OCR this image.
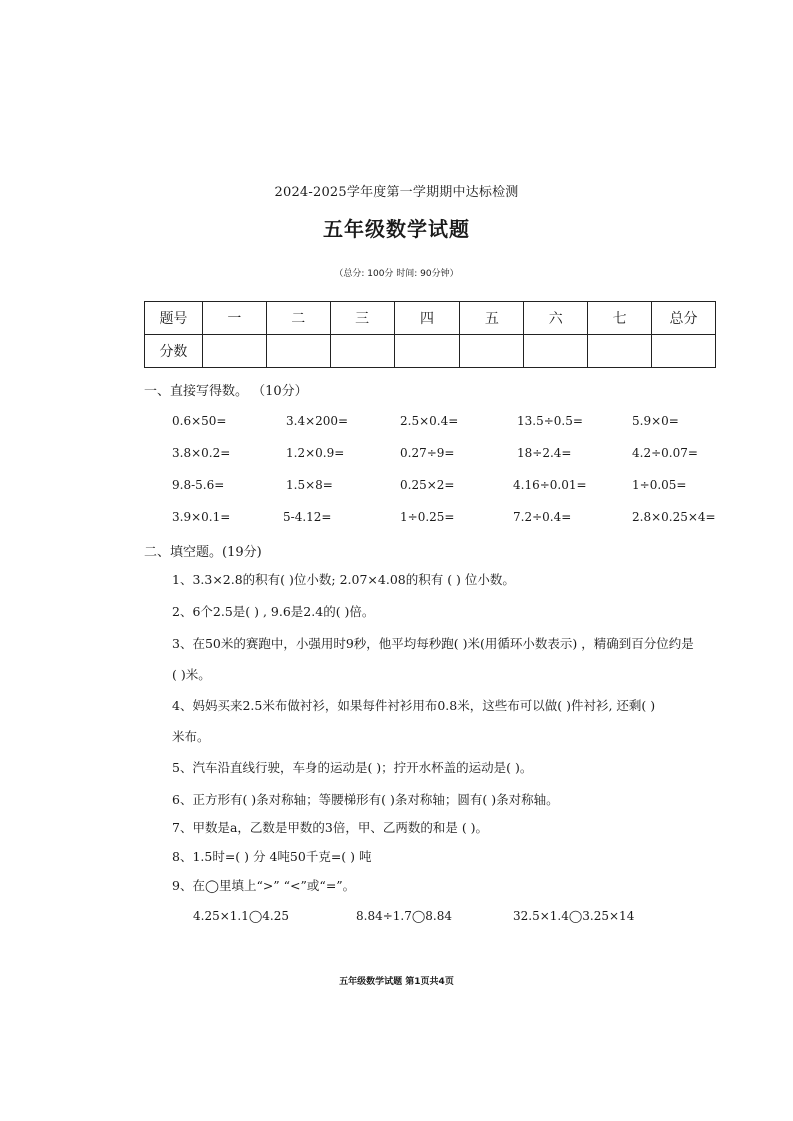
2024-2025学年度第一学期期中达标检测
五年级数学试题
（总分: 100分 时间: 90分钟）
题号	一	二	三	四	五	六	七	总分
分数								
一、直接写得数。 （10分）
0.6×50=	3.4×200=	2.5×0.4=	13.5÷0.5=	5.9×0=
3.8×0.2=	1.2×0.9=	0.27÷9=	18÷2.4=	4.2÷0.07=
9.8-5.6=	1.5×8=	0.25×2=	4.16÷0.01=	1÷0.05=
3.9×0.1=	5-4.12=	1÷0.25=	7.2÷0.4=	2.8×0.25×4=
二、填空题。(19分)
1、3.3×2.8的积有( )位小数; 2.07×4.08的积有 ( ) 位小数。
2、6个2.5是( ) , 9.6是2.4的( )倍。
3、在50米的赛跑中，小强用时9秒，他平均每秒跑( )米(用循环小数表示) ，精确到百分位约是
( )米。
4、妈妈买来2.5米布做衬衫，如果每件衬衫用布0.8米，这些布可以做( )件衬衫, 还剩( )
米布。
5、汽车沿直线行驶，车身的运动是( )；拧开水杯盖的运动是( )。
6、正方形有( )条对称轴；等腰梯形有( )条对称轴；圆有( )条对称轴。
7、甲数是a，乙数是甲数的3倍，甲、乙两数的和是 ( )。
8、1.5时=( ) 分 4吨50千克=( ) 吨
9、在◯里填上“>” “<”或“=”。
4.25×1.1◯4.25	8.84÷1.7◯8.84	32.5×1.4◯3.25×14
五年级数学试题 第1页共4页
